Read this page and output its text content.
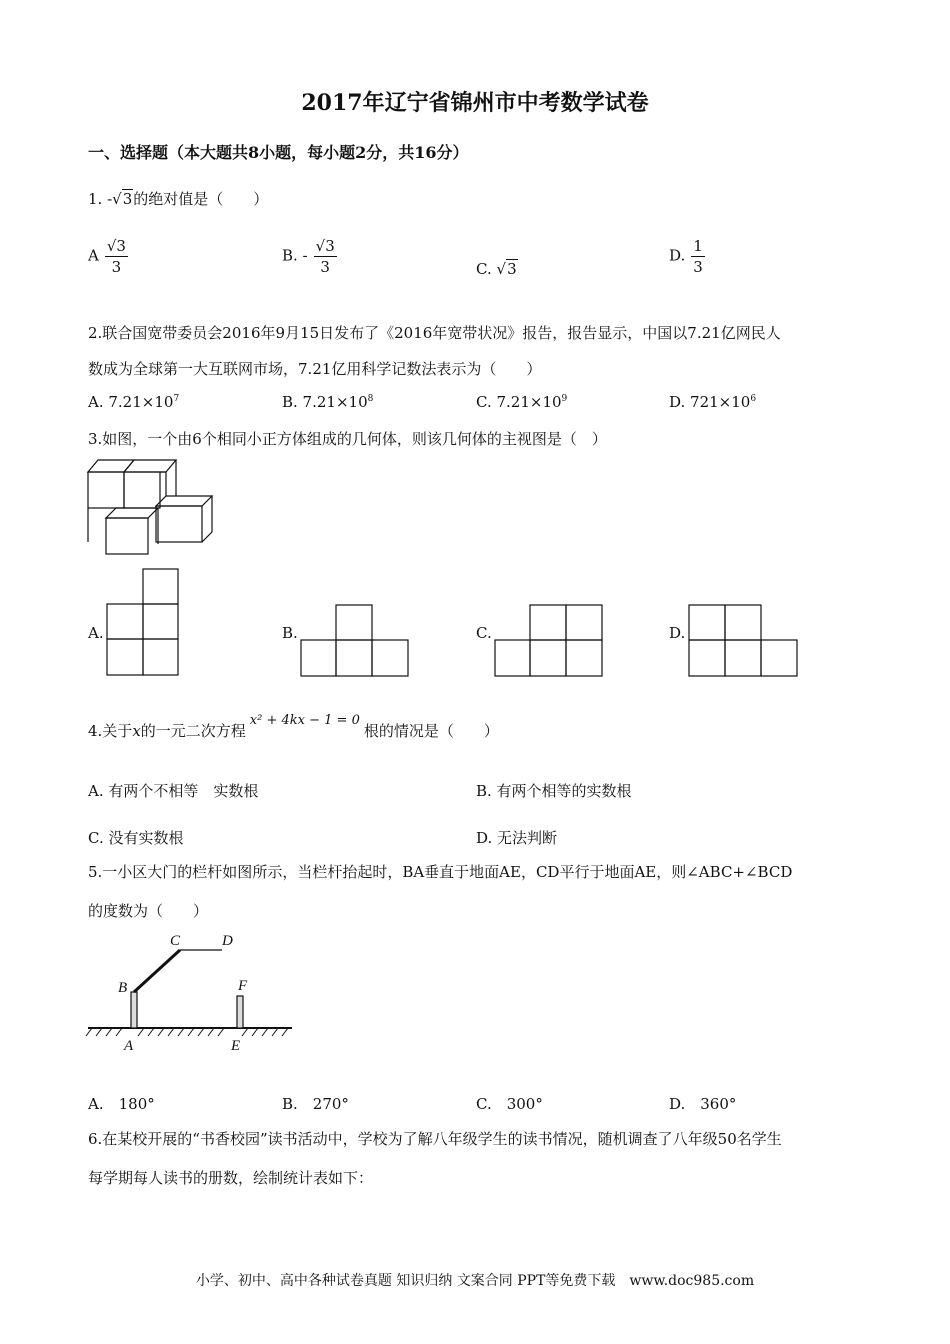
2017年辽宁省锦州市中考数学试卷
一、选择题（本大题共8小题，每小题2分，共16分）
1. -√3的绝对值是（　　）
A $\frac{√3}{3}$	B. - $\frac{√3}{3}$	C. √3
D. $\frac{1}{3}$
2.联合国宽带委员会2016年9月15日发布了《2016年宽带状况》报告，报告显示，中国以7.21亿网民人
数成为全球第一大互联网市场，7.21亿用科学记数法表示为（　　）
A. $7.21\times 10^7$	B. $7.21\times 10^8$	C. $7.21\times 10^9$	D. $721\times 10^6$
3.如图，一个由6个相同小正方体组成的几何体，则该几何体的主视图是（　）
A.	B.	C.	D.
4.关于x的一元二次方程x² + 4kx − 1 = 0根的情况是（　　）
A. 有两个不相等　实数根	B. 有两个相等的实数根
C. 没有实数根	D. 无法判断
5.一小区大门的栏杆如图所示，当栏杆抬起时，BA垂直于地面AE，CD平行于地面AE，则∠ABC+∠BCD
的度数为（　　）
C	D
B	F
A	E
A.　180°	B.　270°	C.　300°	D.　360°
6.在某校开展的“书香校园”读书活动中，学校为了解八年级学生的读书情况，随机调查了八年级50名学生
每学期每人读书的册数，绘制统计表如下：
小学、初中、高中各种试卷真题 知识归纳 文案合同 PPT等免费下载　www.doc985.com
